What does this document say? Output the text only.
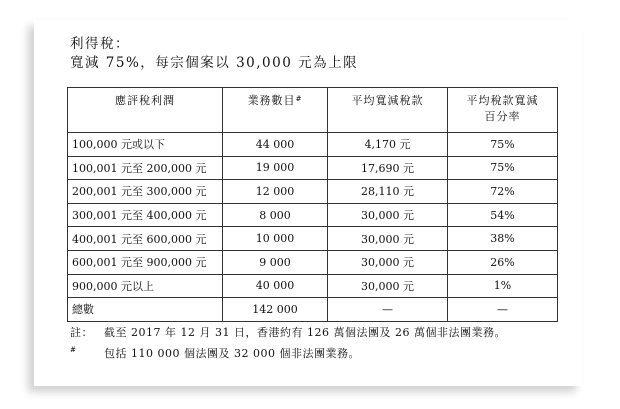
利得稅：
寬減 75%，每宗個案以 30,000 元為上限
應評稅利潤	業務數目#	平均寬減稅款	平均稅款寬減
百分率
100,000 元或以下	44 000	4,170 元	75%
100,001 元至 200,000 元	19 000	17,690 元	75%
200,001 元至 300,000 元	12 000	28,110 元	72%
300,001 元至 400,000 元	8 000	30,000 元	54%
400,001 元至 600,000 元	10 000	30,000 元	38%
600,001 元至 900,000 元	9 000	30,000 元	26%
900,000 元以上	40 000	30,000 元	1%
總數	142 000	—	—
註：	截至 2017 年 12 月 31 日，香港約有 126 萬個法團及 26 萬個非法團業務。
#	包括 110 000 個法團及 32 000 個非法團業務。
